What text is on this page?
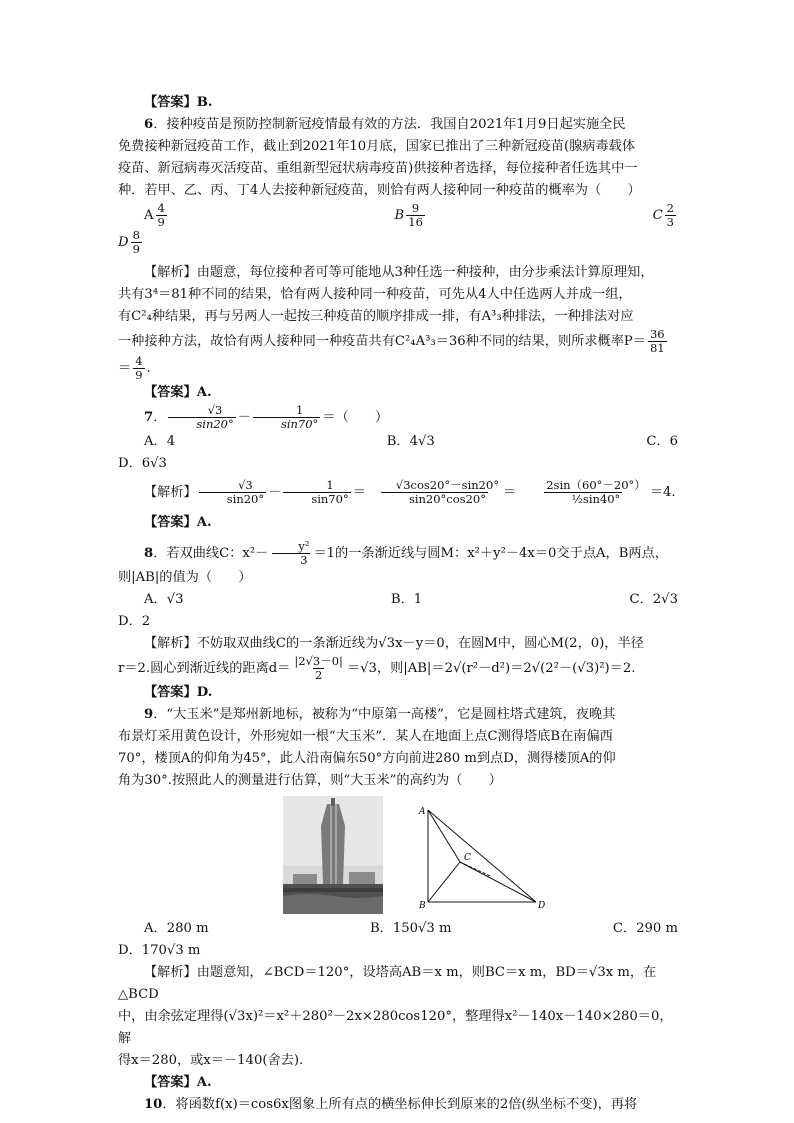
【答案】B.

6．接种疫苗是预防控制新冠疫情最有效的方法．我国自2021年1月9日起实施全民

免费接种新冠疫苗工作，截止到2021年10月底，国家已推出了三种新冠疫苗(腺病毒载体

疫苗、新冠病毒灭活疫苗、重组新型冠状病毒疫苗)供接种者选择，每位接种者任选其中一

种．若甲、乙、丙、丁4人去接种新冠疫苗，则恰有两人接种同一种疫苗的概率为（　　）

A $\frac{4}{9}$	B $\frac{9}{16}$	C $\frac{2}{3}$

D $\frac{8}{9}$

【解析】由题意，每位接种者可等可能地从3种任选一种接种，由分步乘法计算原理知，

共有3⁴＝81种不同的结果，恰有两人接种同一种疫苗，可先从4人中任选两人并成一组，

有C²₄种结果，再与另两人一起按三种疫苗的顺序排成一排，有A³₃种排法，一种排法对应

一种接种方法，故恰有两人接种同一种疫苗共有C²₄A³₃＝36种不同的结果，则所求概率$P= \frac{36}{81}$

＝ $\frac{4}{9}$ .

【答案】A.

7． $\frac{√3}{\sin 20^\circ} - \frac{1}{\sin 70^\circ}$ ＝（　　）

A．4	B．4√3	C．6

D．6√3

【解析】 $\frac{√3}{\sin 20^\circ} - \frac{1}{\sin 70^\circ} = \frac{√3\cos 20^\circ-\sin 20^\circ}{\sin 20^\circ\cos 20^\circ} = \frac{2\sin(60^\circ-20^\circ)}{\text{½sin40°}} =4$.

【答案】A.

8．若双曲线C：$x^2- \frac{\text{y²}}{3} =1$的一条渐近线与圆M：x²＋y²－4x＝0交于点A，B两点，

则|AB|的值为（　　）

A．√3	B．1	C．2√3

D．2

【解析】不妨取双曲线C的一条渐近线为√3x－y＝0，在圆M中，圆心M(2，0)，半径

r＝2.圆心到渐近线的距离$d= \frac{|2√3-0|}{2} =√3$，则|AB|＝2√(r²－d²)＝2√(2²－(√3)²)＝2.

【答案】D.

9．“大玉米”是郑州新地标，被称为“中原第一高楼”，它是圆柱塔式建筑，夜晚其

布景灯采用黄色设计，外形宛如一根“大玉米”．某人在地面上点C测得塔底B在南偏西

70°，楼顶A的仰角为45°，此人沿南偏东50°方向前进280 m到点D，测得楼顶A的仰

角为30°.按照此人的测量进行估算，则“大玉米”的高约为（　　）

A
B
C
D
A．280 m	B．150√3 m	C．290 m

D．170√3 m

【解析】由题意知，∠BCD＝120°，设塔高AB＝x m，则BC＝x m，BD＝√3x m，在△BCD

中，由余弦定理得(√3x)²＝x²＋280²－2x×280cos120°，整理得x²－140x－140×280＝0，解

得x＝280，或x＝－140(舍去).

【答案】A.

10．将函数f(x)＝cos6x图象上所有点的横坐标伸长到原来的2倍(纵坐标不变)，再将
